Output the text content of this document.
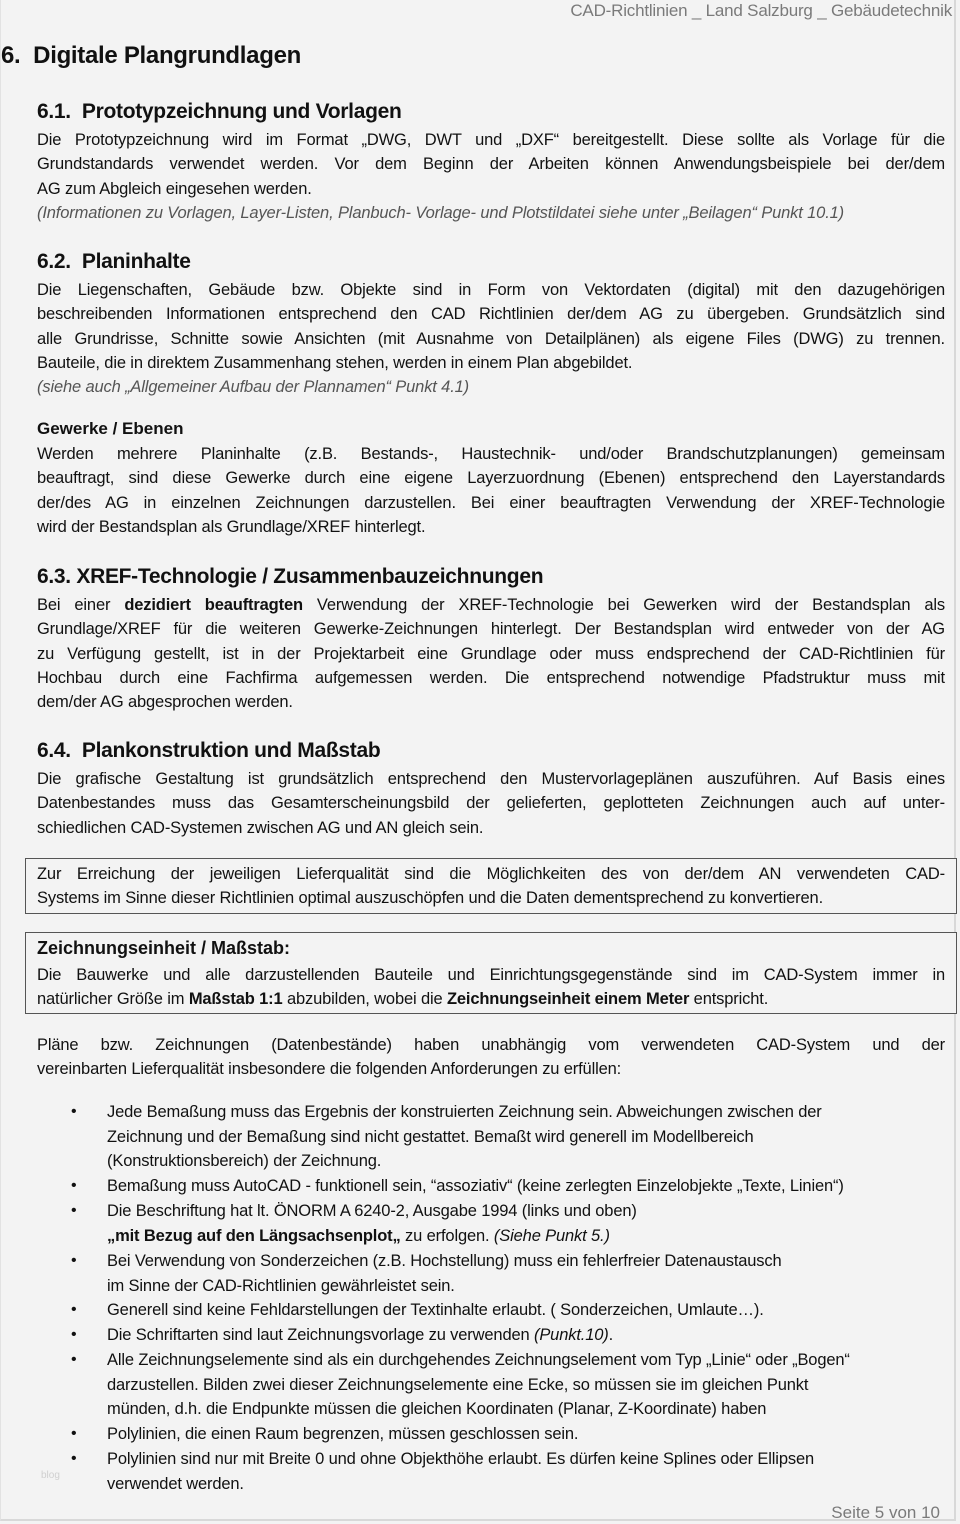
CAD-Richtlinien _ Land Salzburg _ Gebäudetechnik
6. Digitale Plangrundlagen
6.1. Prototypzeichnung und Vorlagen
Die Prototypzeichnung wird im Format „DWG, DWT und „DXF“ bereitgestellt. Diese sollte als Vorlage für die
Grundstandards verwendet werden. Vor dem Beginn der Arbeiten können Anwendungsbeispiele bei der/dem
AG zum Abgleich eingesehen werden.
(Informationen zu Vorlagen, Layer-Listen, Planbuch- Vorlage- und Plotstildatei siehe unter „Beilagen“ Punkt 10.1)
6.2. Planinhalte
Die Liegenschaften, Gebäude bzw. Objekte sind in Form von Vektordaten (digital) mit den dazugehörigen
beschreibenden Informationen entsprechend den CAD Richtlinien der/dem AG zu übergeben. Grundsätzlich sind
alle Grundrisse, Schnitte sowie Ansichten (mit Ausnahme von Detailplänen) als eigene Files (DWG) zu trennen.
Bauteile, die in direktem Zusammenhang stehen, werden in einem Plan abgebildet.
(siehe auch „Allgemeiner Aufbau der Plannamen“ Punkt 4.1)
Gewerke / Ebenen
Werden mehrere Planinhalte (z.B. Bestands-, Haustechnik- und/oder Brandschutzplanungen) gemeinsam
beauftragt, sind diese Gewerke durch eine eigene Layerzuordnung (Ebenen) entsprechend den Layerstandards
der/des AG in einzelnen Zeichnungen darzustellen. Bei einer beauftragten Verwendung der XREF-Technologie
wird der Bestandsplan als Grundlage/XREF hinterlegt.
6.3. XREF-Technologie / Zusammenbauzeichnungen
Bei einer dezidiert beauftragten Verwendung der XREF-Technologie bei Gewerken wird der Bestandsplan als
Grundlage/XREF für die weiteren Gewerke-Zeichnungen hinterlegt. Der Bestandsplan wird entweder von der AG
zu Verfügung gestellt, ist in der Projektarbeit eine Grundlage oder muss endsprechend der CAD-Richtlinien für
Hochbau durch eine Fachfirma aufgemessen werden. Die entsprechend notwendige Pfadstruktur muss mit
dem/der AG abgesprochen werden.
6.4. Plankonstruktion und Maßstab
Die grafische Gestaltung ist grundsätzlich entsprechend den Mustervorlageplänen auszuführen. Auf Basis eines
Datenbestandes muss das Gesamterscheinungsbild der gelieferten, geplotteten Zeichnungen auch auf unter-
schiedlichen CAD-Systemen zwischen AG und AN gleich sein.
Zur Erreichung der jeweiligen Lieferqualität sind die Möglichkeiten des von der/dem AN verwendeten CAD-
Systems im Sinne dieser Richtlinien optimal auszuschöpfen und die Daten dementsprechend zu konvertieren.
Zeichnungseinheit / Maßstab:
Die Bauwerke und alle darzustellenden Bauteile und Einrichtungsgegenstände sind im CAD-System immer in
natürlicher Größe im Maßstab 1:1 abzubilden, wobei die Zeichnungseinheit einem Meter entspricht.
Pläne bzw. Zeichnungen (Datenbestände) haben unabhängig vom verwendeten CAD-System und der
vereinbarten Lieferqualität insbesondere die folgenden Anforderungen zu erfüllen:
• Jede Bemaßung muss das Ergebnis der konstruierten Zeichnung sein. Abweichungen zwischen der
Zeichnung und der Bemaßung sind nicht gestattet. Bemaßt wird generell im Modellbereich
(Konstruktionsbereich) der Zeichnung.
• Bemaßung muss AutoCAD - funktionell sein, “assoziativ“ (keine zerlegten Einzelobjekte „Texte, Linien“)
• Die Beschriftung hat lt. ÖNORM A 6240-2, Ausgabe 1994 (links und oben)
„mit Bezug auf den Längsachsenplot„ zu erfolgen. (Siehe Punkt 5.)
• Bei Verwendung von Sonderzeichen (z.B. Hochstellung) muss ein fehlerfreier Datenaustausch
im Sinne der CAD-Richtlinien gewährleistet sein.
• Generell sind keine Fehldarstellungen der Textinhalte erlaubt. ( Sonderzeichen, Umlaute…).
• Die Schriftarten sind laut Zeichnungsvorlage zu verwenden (Punkt.10).
• Alle Zeichnungselemente sind als ein durchgehendes Zeichnungselement vom Typ „Linie“ oder „Bogen“
darzustellen. Bilden zwei dieser Zeichnungselemente eine Ecke, so müssen sie im gleichen Punkt
münden, d.h. die Endpunkte müssen die gleichen Koordinaten (Planar, Z-Koordinate) haben
• Polylinien, die einen Raum begrenzen, müssen geschlossen sein.
• Polylinien sind nur mit Breite 0 und ohne Objekthöhe erlaubt. Es dürfen keine Splines oder Ellipsen
verwendet werden.
blog
Seite 5 von 10
